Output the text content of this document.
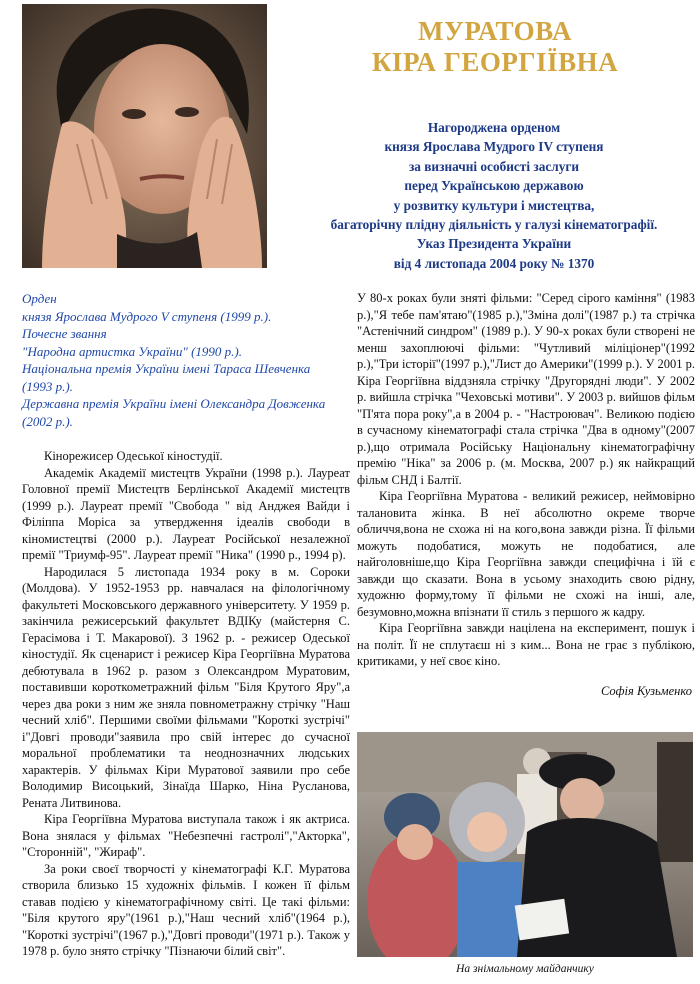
МУРАТОВА
КІРА ГЕОРГІЇВНА
Нагороджена орденом
князя Ярослава Мудрого IV ступеня
за визначні особисті заслуги
перед Українською державою
у розвитку культури і мистецтва,
багаторічну плідну діяльність у галузі кінематографії.
Указ Президента України
від 4 листопада 2004 року № 1370
Орден
князя Ярослава Мудрого V ступеня (1999 р.).
Почесне звання
"Народна артистка України" (1990 р.).
Національна премія України імені Тараса Шевченка
(1993 р.).
Державна премія України імені Олександра Довженка
(2002 р.).

Кінорежисер Одеської кіностудії.

Академік Академії мистецтв України (1998 р.). Лауреат Головної премії Мистецтв Берлінської Академії мистецтв (1999 р.). Лауреат премії "Свобода " від Анджея Вайди і Філіппа Моріса за утвердження ідеалів свободи в кіномистецтві (2000 р.). Лауреат Російської незалежної премії "Триумф-95". Лауреат премії "Ника" (1990 р., 1994 р).

Народилася 5 листопада 1934 року в м. Сороки (Молдова). У 1952-1953 рр. навчалася на філологічному факультеті Московського державного університету. У 1959 р. закінчила режисерський факультет ВДІКу (майстерня С. Герасімова і Т. Макарової). З 1962 р. - режисер Одеської кіностудії. Як сценарист і режисер Кіра Георгіївна Муратова дебютувала в 1962 р. разом з Олександром Муратовим, поставивши короткометражний фільм "Біля Крутого Яру",а через два роки з ним же зняла повнометражну стрічку "Наш чесний хліб". Першими своїми фільмами "Короткі зустрічі" і"Довгі проводи"заявила про свій інтерес до сучасної моральної проблематики та неоднозначних людських характерів. У фільмах Кіри Муратової заявили про себе Володимир Висоцький, Зінаїда Шарко, Ніна Русланова, Рената Литвинова.

Кіра Георгіївна Муратова виступала також і як актриса. Вона знялася у фільмах "Небезпечні гастролі","Акторка", "Сторонній", "Жираф".

За роки своєї творчості у кінематографі К.Г. Муратова створила близько 15 художніх фільмів. І кожен її фільм ставав подією у кінематографічному світі. Це такі фільми: "Біля крутого яру"(1961 р.),"Наш чесний хліб"(1964 р.), "Короткі зустрічі"(1967 р.),"Довгі проводи"(1971 р.). Також у 1978 р. було знято стрічку "Пізнаючи білий світ".

У 80-х роках були зняті фільми: "Серед сірого каміння" (1983 р.),"Я тебе пам'ятаю"(1985 р.),"Зміна долі"(1987 р.) та стрічка "Астенічний синдром" (1989 р.). У 90-х роках були створені не менш захоплюючі фільми: "Чутливий міліціонер"(1992 р.),"Три історії"(1997 р.),"Лист до Америки"(1999 р.). У 2001 р. Кіра Георгіївна віддзняла стрічку "Другорядні люди". У 2002 р. вийшла стрічка "Чеховські мотиви". У 2003 р. вийшов фільм "П'ята пора року",а в 2004 р. - "Настроювач". Великою подією в сучасному кінематографі стала стрічка "Два в одному"(2007 р.),що отримала Російську Національну кінематографічну премію "Ніка" за 2006 р. (м. Москва, 2007 р.) як найкращий фільм СНД і Балтії.

Кіра Георгіївна Муратова - великий режисер, неймовірно талановита жінка. В неї абсолютно окреме творче обличчя,вона не схожа ні на кого,вона завжди різна. Її фільми можуть подобатися, можуть не подобатися, але найголовніше,що Кіра Георгіївна завжди специфічна і їй є завжди що сказати. Вона в усьому знаходить свою рідну, художню форму,тому її фільми не схожі на інші, але, безумовно,можна впізнати її стиль з першого ж кадру.

Кіра Георгіївна завжди націлена на експеримент, пошук і на політ. Її не сплутаєш ні з ким... Вона не грає з публікою, критиками, у неї своє кіно.

Софія Кузьменко
На знімальному майданчику
